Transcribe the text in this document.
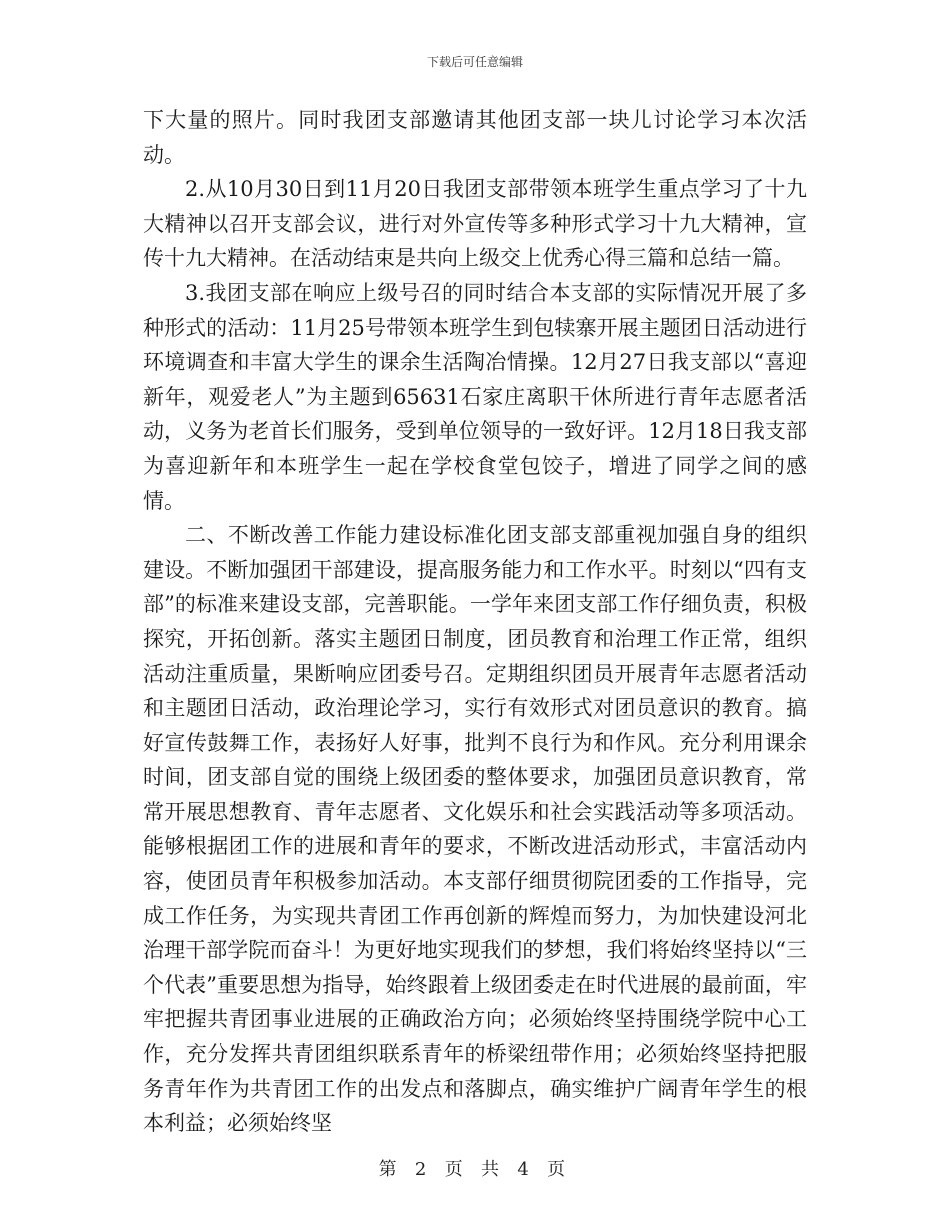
下载后可任意编辑

下大量的照片。同时我团支部邀请其他团支部一块儿讨论学习本次活动。

2.从10月30日到11月20日我团支部带领本班学生重点学习了十九大精神以召开支部会议，进行对外宣传等多种形式学习十九大精神，宣传十九大精神。在活动结束是共向上级交上优秀心得三篇和总结一篇。

3.我团支部在响应上级号召的同时结合本支部的实际情况开展了多种形式的活动：11月25号带领本班学生到包犊寨开展主题团日活动进行环境调查和丰富大学生的课余生活陶冶情操。12月27日我支部以“喜迎新年，观爱老人”为主题到65631石家庄离职干休所进行青年志愿者活动，义务为老首长们服务，受到单位领导的一致好评。12月18日我支部为喜迎新年和本班学生一起在学校食堂包饺子，增进了同学之间的感情。

二、不断改善工作能力建设标准化团支部支部重视加强自身的组织建设。不断加强团干部建设，提高服务能力和工作水平。时刻以“四有支部”的标准来建设支部，完善职能。一学年来团支部工作仔细负责，积极探究，开拓创新。落实主题团日制度，团员教育和治理工作正常，组织活动注重质量，果断响应团委号召。定期组织团员开展青年志愿者活动和主题团日活动，政治理论学习，实行有效形式对团员意识的教育。搞好宣传鼓舞工作，表扬好人好事，批判不良行为和作风。充分利用课余时间，团支部自觉的围绕上级团委的整体要求，加强团员意识教育，常常开展思想教育、青年志愿者、文化娱乐和社会实践活动等多项活动。能够根据团工作的进展和青年的要求，不断改进活动形式，丰富活动内容，使团员青年积极参加活动。本支部仔细贯彻院团委的工作指导，完成工作任务，为实现共青团工作再创新的辉煌而努力，为加快建设河北治理干部学院而奋斗！为更好地实现我们的梦想，我们将始终坚持以“三个代表”重要思想为指导，始终跟着上级团委走在时代进展的最前面，牢牢把握共青团事业进展的正确政治方向；必须始终坚持围绕学院中心工作，充分发挥共青团组织联系青年的桥梁纽带作用；必须始终坚持把服务青年作为共青团工作的出发点和落脚点，确实维护广阔青年学生的根本利益；必须始终坚

第 2 页 共 4 页
